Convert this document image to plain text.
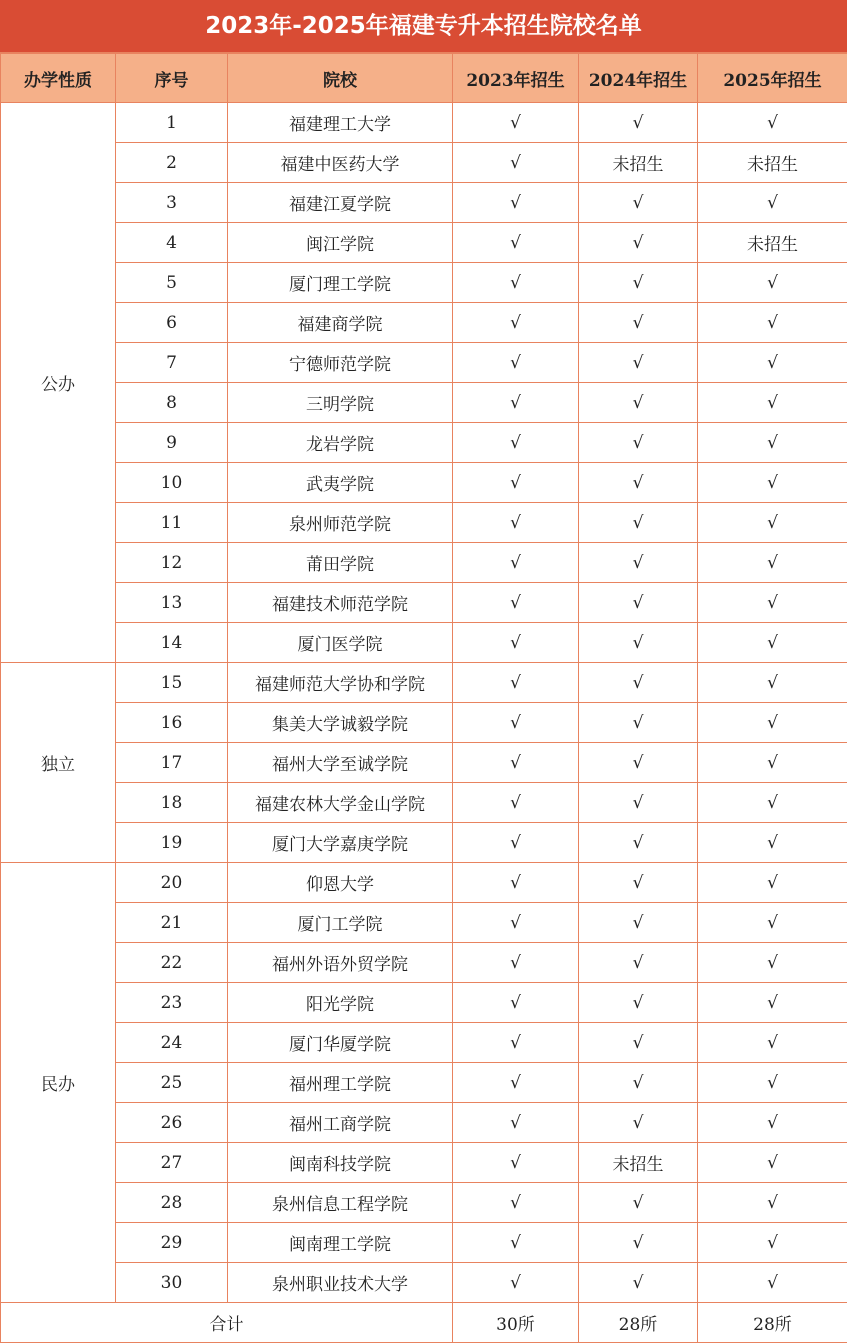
2023年-2025年福建专升本招生院校名单
办学性质	序号	院校	2023年招生	2024年招生	2025年招生
公办	1	福建理工大学	√	√	√
	2	福建中医药大学	√	未招生	未招生
	3	福建江夏学院	√	√	√
	4	闽江学院	√	√	未招生
	5	厦门理工学院	√	√	√
	6	福建商学院	√	√	√
	7	宁德师范学院	√	√	√
	8	三明学院	√	√	√
	9	龙岩学院	√	√	√
	10	武夷学院	√	√	√
	11	泉州师范学院	√	√	√
	12	莆田学院	√	√	√
	13	福建技术师范学院	√	√	√
	14	厦门医学院	√	√	√
独立	15	福建师范大学协和学院	√	√	√
	16	集美大学诚毅学院	√	√	√
	17	福州大学至诚学院	√	√	√
	18	福建农林大学金山学院	√	√	√
	19	厦门大学嘉庚学院	√	√	√
民办	20	仰恩大学	√	√	√
	21	厦门工学院	√	√	√
	22	福州外语外贸学院	√	√	√
	23	阳光学院	√	√	√
	24	厦门华厦学院	√	√	√
	25	福州理工学院	√	√	√
	26	福州工商学院	√	√	√
	27	闽南科技学院	√	未招生	√
	28	泉州信息工程学院	√	√	√
	29	闽南理工学院	√	√	√
	30	泉州职业技术大学	√	√	√
合计			30所	28所	28所
